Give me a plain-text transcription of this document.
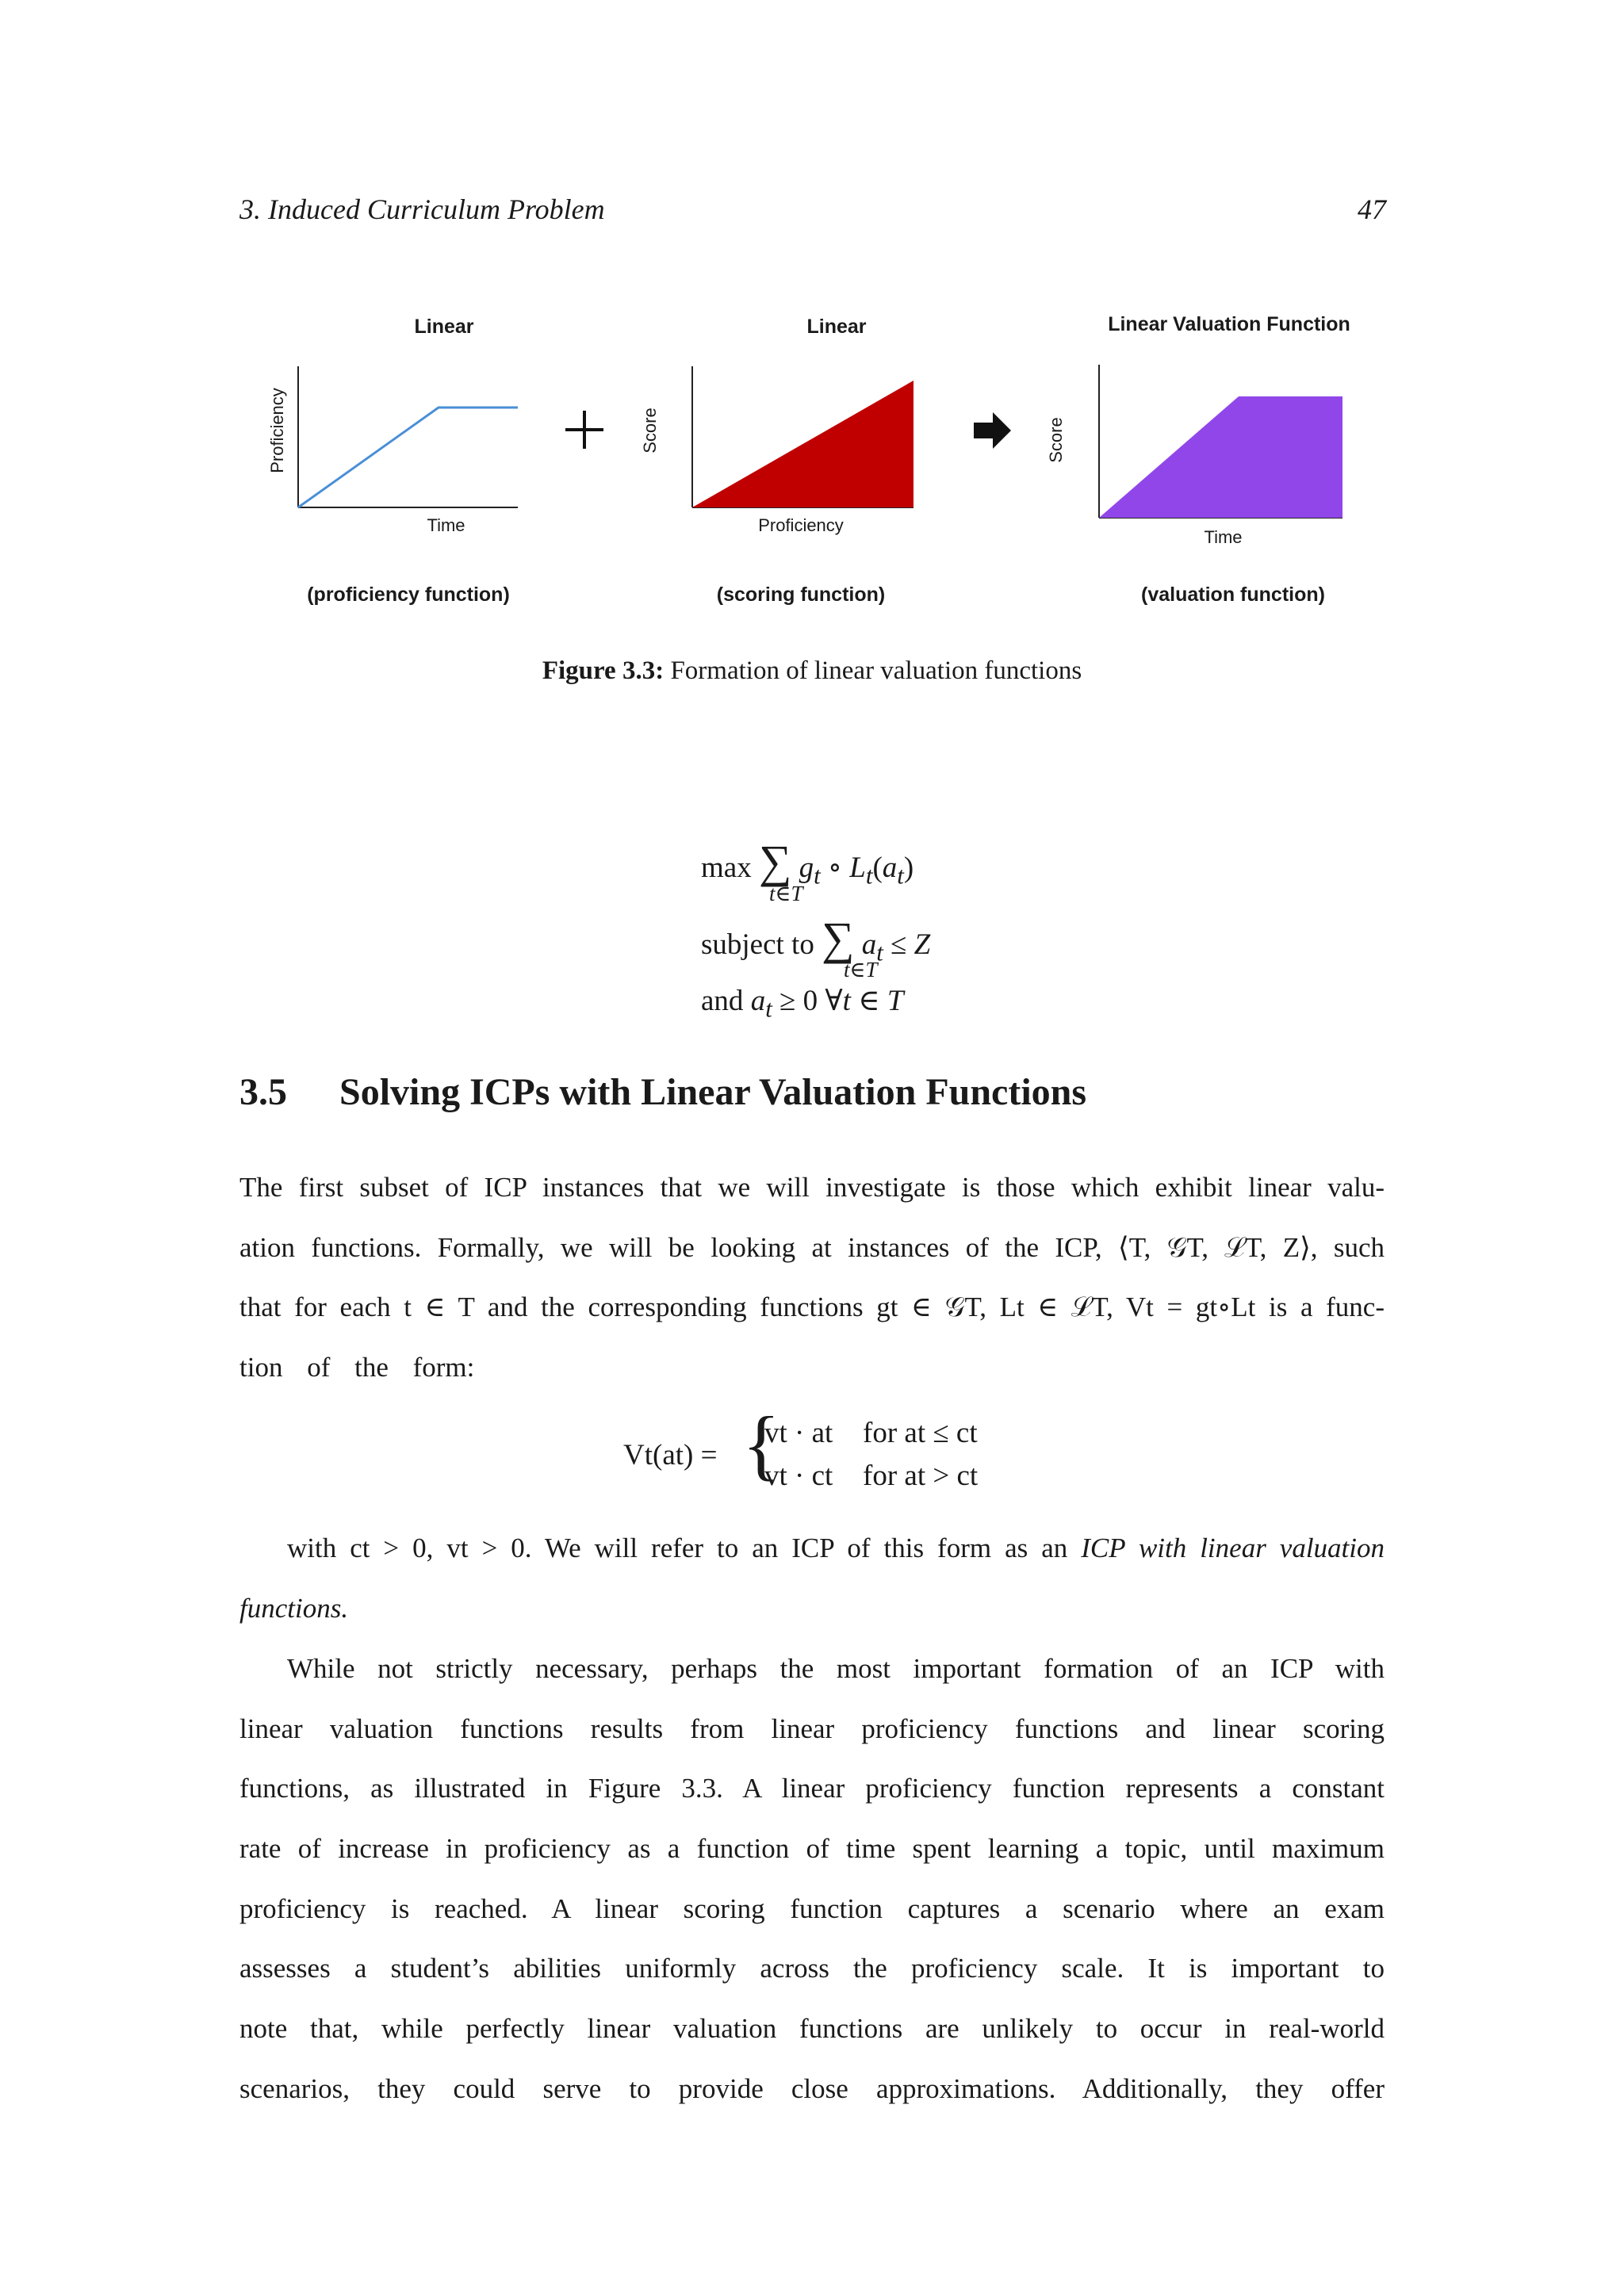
3. Induced Curriculum Problem	47
Linear	Linear	Linear Valuation Function
Time
Proficiency
Proficiency
Score
Time
Score
(proficiency function)	(scoring function)	(valuation function)
Figure 3.3: Formation of linear valuation functions
max ∑ $g_t$ ∘ $L_t(a_t)$
t∈T
subject to ∑ $a_t \le Z$
t∈T
and $a_t \ge 0$ ∀t ∈ T
3.5 Solving ICPs with Linear Valuation Functions
The first subset of ICP instances that we will investigate is those which exhibit linear valu-
ation functions. Formally, we will be looking at instances of the ICP, ⟨T, 𝒢T, ℒT, Z⟩, such
that for each t ∈ T and the corresponding functions gt ∈ 𝒢T, Lt ∈ ℒT, Vt = gt∘Lt is a func-
tion of the form:
Vt(at) = {
vt · at for at ≤ ct
vt · ct for at > ct
with ct > 0, vt > 0. We will refer to an ICP of this form as an ICP with linear valuation
functions.
While not strictly necessary, perhaps the most important formation of an ICP with
linear valuation functions results from linear proficiency functions and linear scoring
functions, as illustrated in Figure 3.3. A linear proficiency function represents a constant
rate of increase in proficiency as a function of time spent learning a topic, until maximum
proficiency is reached. A linear scoring function captures a scenario where an exam
assesses a student’s abilities uniformly across the proficiency scale. It is important to
note that, while perfectly linear valuation functions are unlikely to occur in real-world
scenarios, they could serve to provide close approximations. Additionally, they offer
